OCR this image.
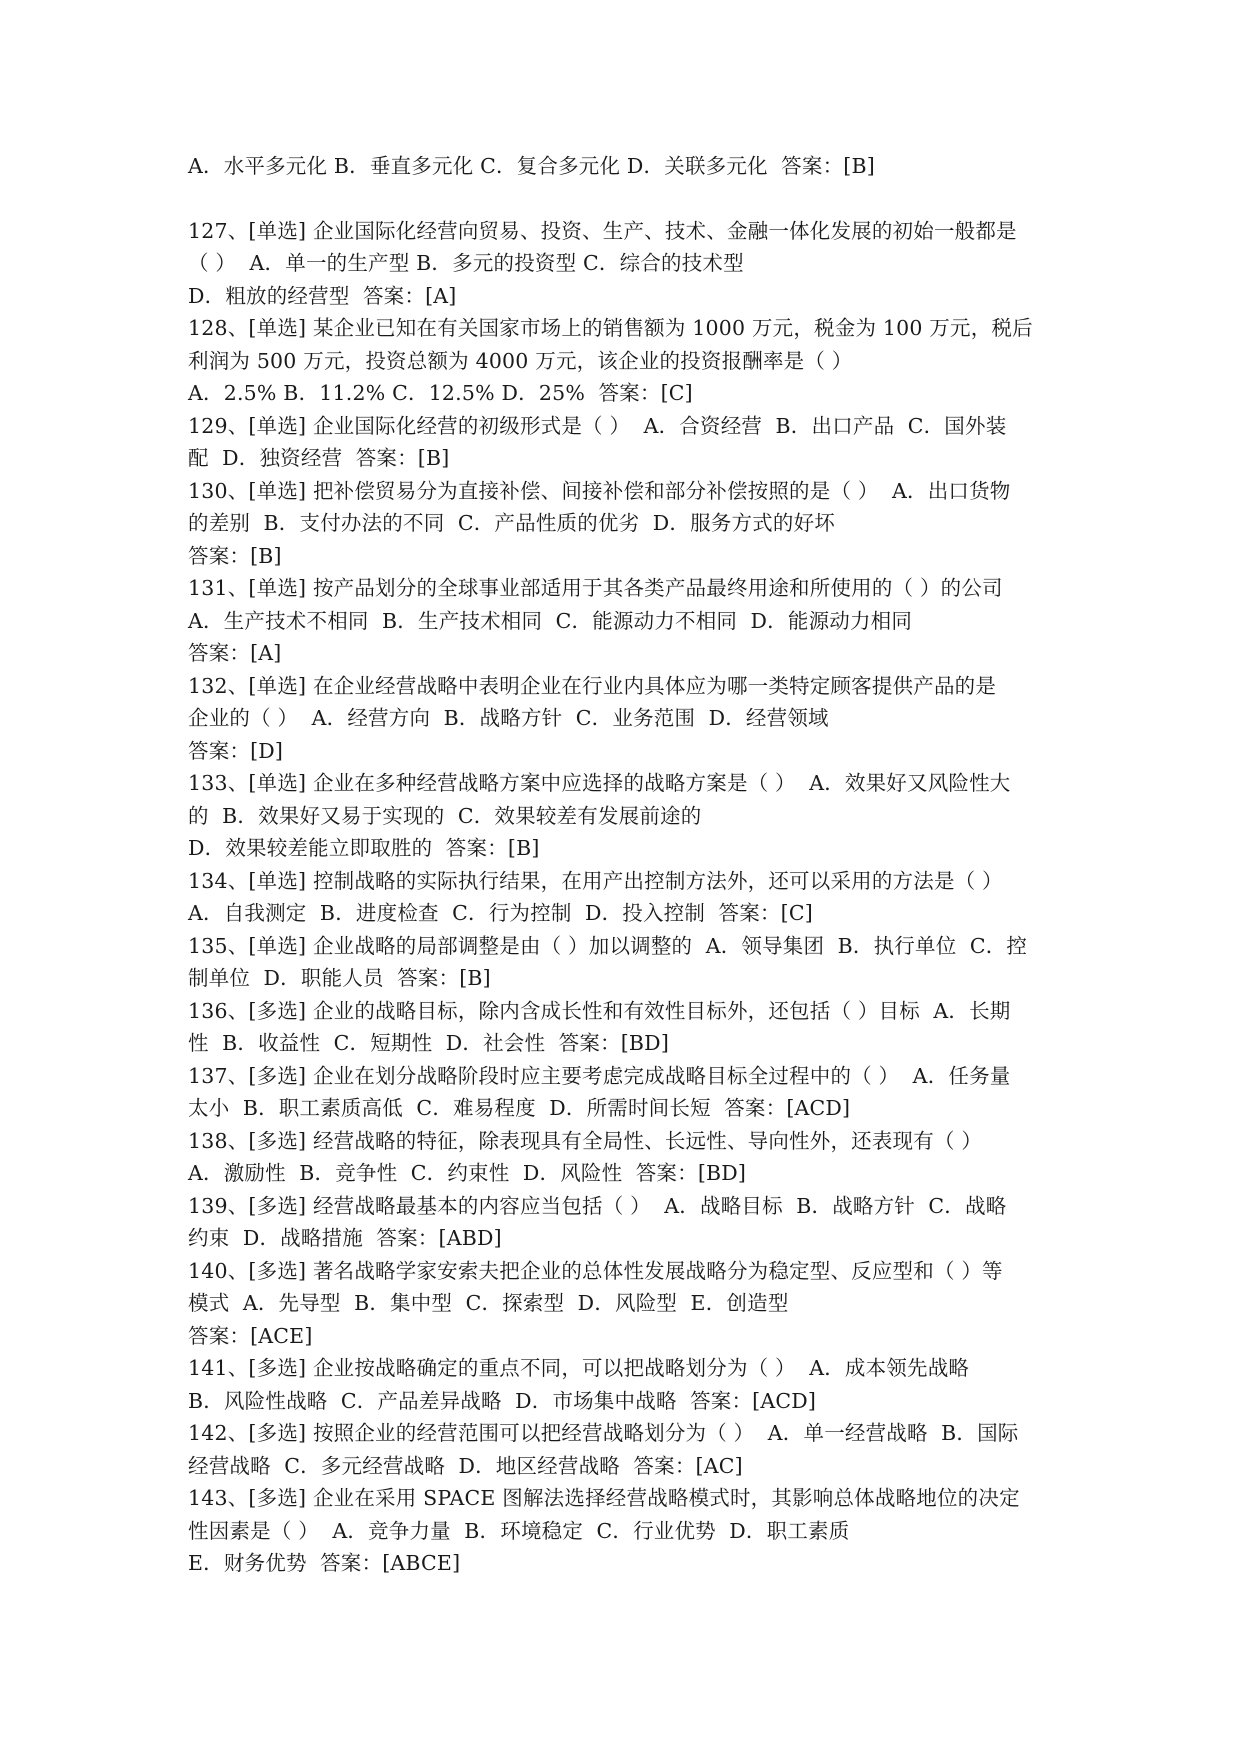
A．水平多元化 B．垂直多元化 C．复合多元化 D．关联多元化  答案：[B]
127、[单选] 企业国际化经营向贸易、投资、生产、技术、金融一体化发展的初始一般都是
（ ）  A．单一的生产型 B．多元的投资型 C．综合的技术型
D．粗放的经营型  答案：[A]
128、[单选] 某企业已知在有关国家市场上的销售额为 1000 万元，税金为 100 万元，税后
利润为 500 万元，投资总额为 4000 万元，该企业的投资报酬率是（ ）
A．2.5% B．11.2% C．12.5% D．25%  答案：[C]
129、[单选] 企业国际化经营的初级形式是（ ）  A．合资经营  B．出口产品  C．国外装
配  D．独资经营  答案：[B]
130、[单选] 把补偿贸易分为直接补偿、间接补偿和部分补偿按照的是（ ）  A．出口货物
的差别  B．支付办法的不同  C．产品性质的优劣  D．服务方式的好坏
答案：[B]
131、[单选] 按产品划分的全球事业部适用于其各类产品最终用途和所使用的（ ）的公司
A．生产技术不相同  B．生产技术相同  C．能源动力不相同  D．能源动力相同
答案：[A]
132、[单选] 在企业经营战略中表明企业在行业内具体应为哪一类特定顾客提供产品的是
企业的（ ）  A．经营方向  B．战略方针  C．业务范围  D．经营领域
答案：[D]
133、[单选] 企业在多种经营战略方案中应选择的战略方案是（ ）  A．效果好又风险性大
的  B．效果好又易于实现的  C．效果较差有发展前途的
D．效果较差能立即取胜的  答案：[B]
134、[单选] 控制战略的实际执行结果，在用产出控制方法外，还可以采用的方法是（ ）
A．自我测定  B．进度检查  C．行为控制  D．投入控制  答案：[C]
135、[单选] 企业战略的局部调整是由（ ）加以调整的  A．领导集团  B．执行单位  C．控
制单位  D．职能人员  答案：[B]
136、[多选] 企业的战略目标，除内含成长性和有效性目标外，还包括（ ）目标  A．长期
性  B．收益性  C．短期性  D．社会性  答案：[BD]
137、[多选] 企业在划分战略阶段时应主要考虑完成战略目标全过程中的（ ）  A．任务量
太小  B．职工素质高低  C．难易程度  D．所需时间长短  答案：[ACD]
138、[多选] 经营战略的特征，除表现具有全局性、长远性、导向性外，还表现有（ ）
A．激励性  B．竞争性  C．约束性  D．风险性  答案：[BD]
139、[多选] 经营战略最基本的内容应当包括（ ）  A．战略目标  B．战略方针  C．战略
约束  D．战略措施  答案：[ABD]
140、[多选] 著名战略学家安索夫把企业的总体性发展战略分为稳定型、反应型和（ ）等
模式  A．先导型  B．集中型  C．探索型  D．风险型  E．创造型
答案：[ACE]
141、[多选] 企业按战略确定的重点不同，可以把战略划分为（ ）  A．成本领先战略
B．风险性战略  C．产品差异战略  D．市场集中战略  答案：[ACD]
142、[多选] 按照企业的经营范围可以把经营战略划分为（ ）  A．单一经营战略  B．国际
经营战略  C．多元经营战略  D．地区经营战略  答案：[AC]
143、[多选] 企业在采用 SPACE 图解法选择经营战略模式时，其影响总体战略地位的决定
性因素是（ ）  A．竞争力量  B．环境稳定  C．行业优势  D．职工素质
E．财务优势  答案：[ABCE]
